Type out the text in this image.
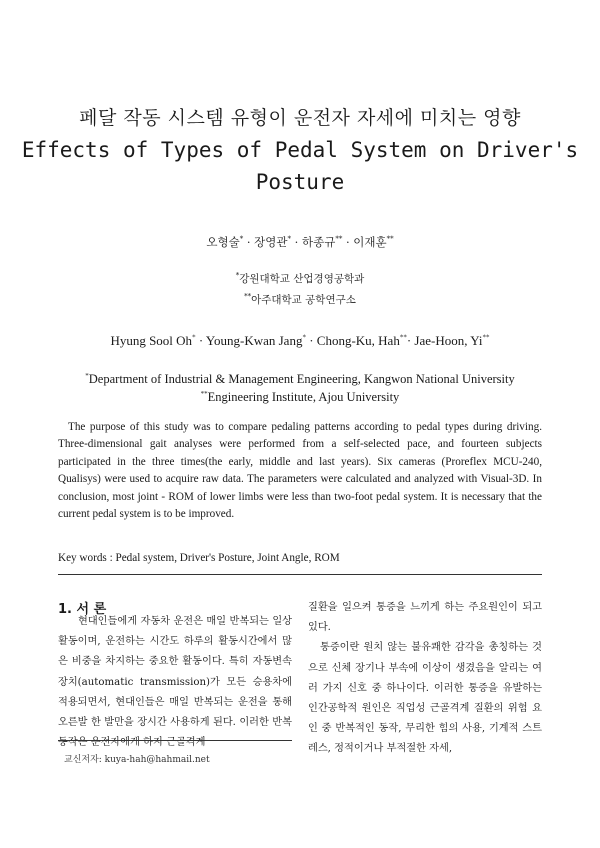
페달 작동 시스템 유형이 운전자 자세에 미치는 영향
Effects of Types of Pedal System on Driver's
Posture
오형술* · 장영관* · 하종규** · 이재훈**
*강원대학교 산업경영공학과
**아주대학교 공학연구소
Hyung Sool Oh* · Young-Kwan Jang* · Chong-Ku, Hah**· Jae-Hoon, Yi**
*Department of Industrial & Management Engineering, Kangwon National University
**Engineering Institute, Ajou University
The purpose of this study was to compare pedaling patterns according to pedal types during driving. Three-dimensional gait analyses were performed from a self-selected pace, and fourteen subjects participated in the three times(the early, middle and last years). Six cameras (Proreflex MCU-240, Qualisys) were used to acquire raw data. The parameters were calculated and analyzed with Visual-3D. In conclusion, most joint - ROM of lower limbs were less than two-foot pedal system. It is necessary that the current pedal system is to be improved.
Key words : Pedal system, Driver's Posture, Joint Angle, ROM
1. 서 론
현대인들에게 자동차 운전은 매일 반복되는 일상 활동이며, 운전하는 시간도 하루의 활동시간에서 많은 비중을 차지하는 중요한 활동이다. 특히 자동변속장치(automatic transmission)가 모든 승용차에 적용되면서, 현대인들은 매일 반복되는 운전을 통해 오른발 한 발만을 장시간 사용하게 된다. 이러한 반복 동작은 운전자에게 하지 근골격계

질환을 일으켜 통증을 느끼게 하는 주요원인이 되고 있다.

통증이란 원치 않는 불유쾌한 감각을 총칭하는 것으로 신체 장기나 부속에 이상이 생겼음을 알리는 여러 가지 신호 중 하나이다. 이러한 통증을 유발하는 인간공학적 원인은 직업성 근골격계 질환의 위험 요인 중 반복적인 동작, 무리한 힘의 사용, 기계적 스트레스, 정적이거나 부적절한 자세,

교신저자: kuya-hah@hahmail.net
